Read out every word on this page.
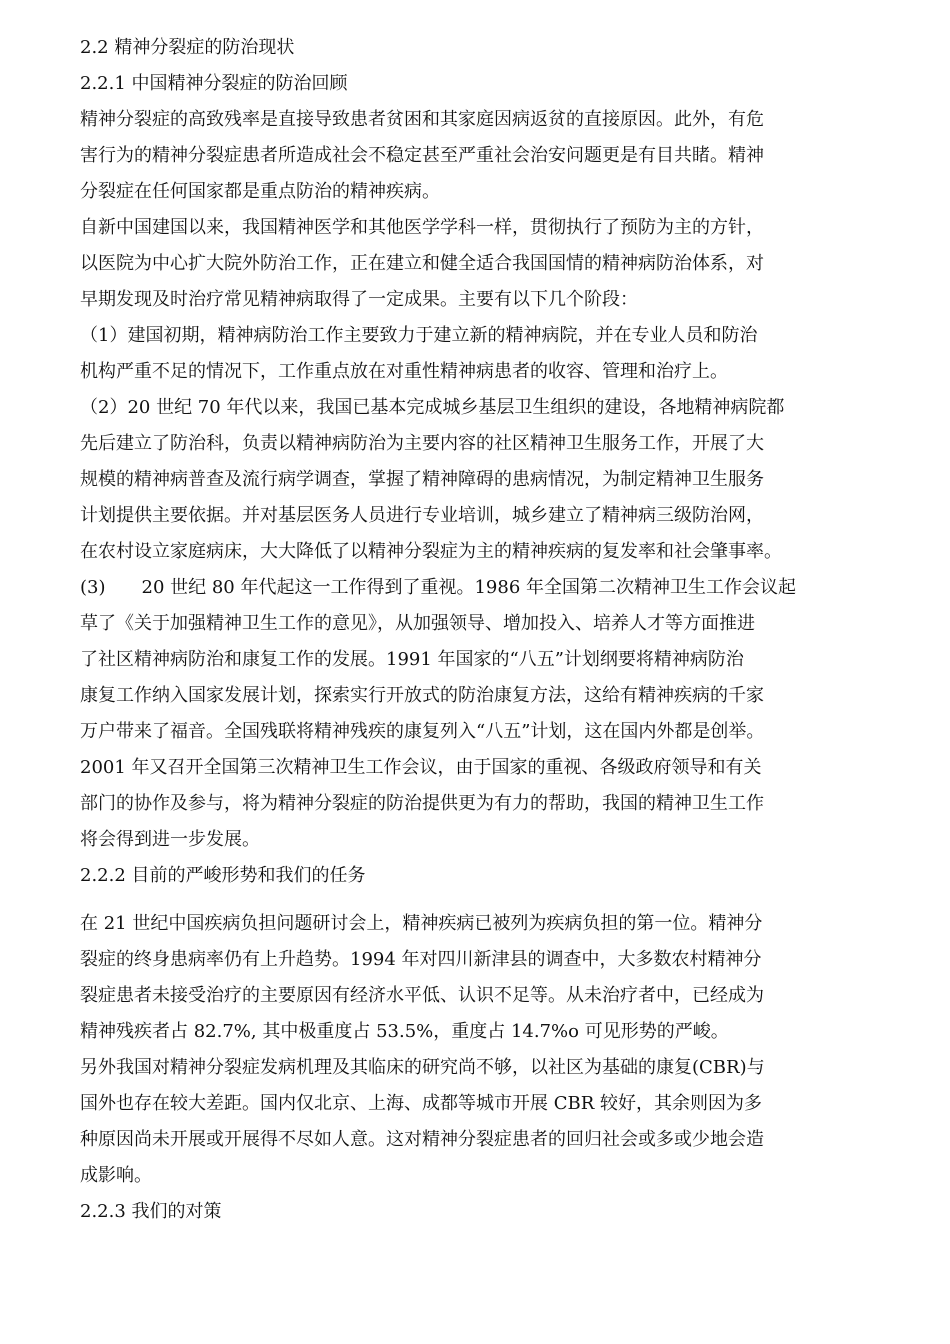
2.2 精神分裂症的防治现状
2.2.1 中国精神分裂症的防治回顾
精神分裂症的高致残率是直接导致患者贫困和其家庭因病返贫的直接原因。此外，有危
害行为的精神分裂症患者所造成社会不稳定甚至严重社会治安问题更是有目共睹。精神
分裂症在任何国家都是重点防治的精神疾病。
自新中国建国以来，我国精神医学和其他医学学科一样，贯彻执行了预防为主的方针，
以医院为中心扩大院外防治工作，正在建立和健全适合我国国情的精神病防治体系，对
早期发现及时治疗常见精神病取得了一定成果。主要有以下几个阶段：
（1）建国初期，精神病防治工作主要致力于建立新的精神病院，并在专业人员和防治
机构严重不足的情况下，工作重点放在对重性精神病患者的收容、管理和治疗上。
（2）20 世纪 70 年代以来，我国已基本完成城乡基层卫生组织的建设，各地精神病院都
先后建立了防治科，负责以精神病防治为主要内容的社区精神卫生服务工作，开展了大
规模的精神病普查及流行病学调查，掌握了精神障碍的患病情况，为制定精神卫生服务
计划提供主要依据。并对基层医务人员进行专业培训，城乡建立了精神病三级防治网，
在农村设立家庭病床，大大降低了以精神分裂症为主的精神疾病的复发率和社会肇事率。
(3) 20 世纪 80 年代起这一工作得到了重视。1986 年全国第二次精神卫生工作会议起
草了《关于加强精神卫生工作的意见》，从加强领导、增加投入、培养人才等方面推进
了社区精神病防治和康复工作的发展。1991 年国家的“八五”计划纲要将精神病防治
康复工作纳入国家发展计划，探索实行开放式的防治康复方法，这给有精神疾病的千家
万户带来了福音。全国残联将精神残疾的康复列入“八五”计划，这在国内外都是创举。
2001 年又召开全国第三次精神卫生工作会议，由于国家的重视、各级政府领导和有关
部门的协作及参与，将为精神分裂症的防治提供更为有力的帮助，我国的精神卫生工作
将会得到进一步发展。
2.2.2 目前的严峻形势和我们的任务
在 21 世纪中国疾病负担问题研讨会上，精神疾病已被列为疾病负担的第一位。精神分
裂症的终身患病率仍有上升趋势。1994 年对四川新津县的调查中，大多数农村精神分
裂症患者未接受治疗的主要原因有经济水平低、认识不足等。从未治疗者中，已经成为
精神残疾者占 82.7%, 其中极重度占 53.5%，重度占 14.7%o 可见形势的严峻。
另外我国对精神分裂症发病机理及其临床的研究尚不够，以社区为基础的康复(CBR)与
国外也存在较大差距。国内仅北京、上海、成都等城市开展 CBR 较好，其余则因为多
种原因尚未开展或开展得不尽如人意。这对精神分裂症患者的回归社会或多或少地会造
成影响。
2.2.3 我们的对策
